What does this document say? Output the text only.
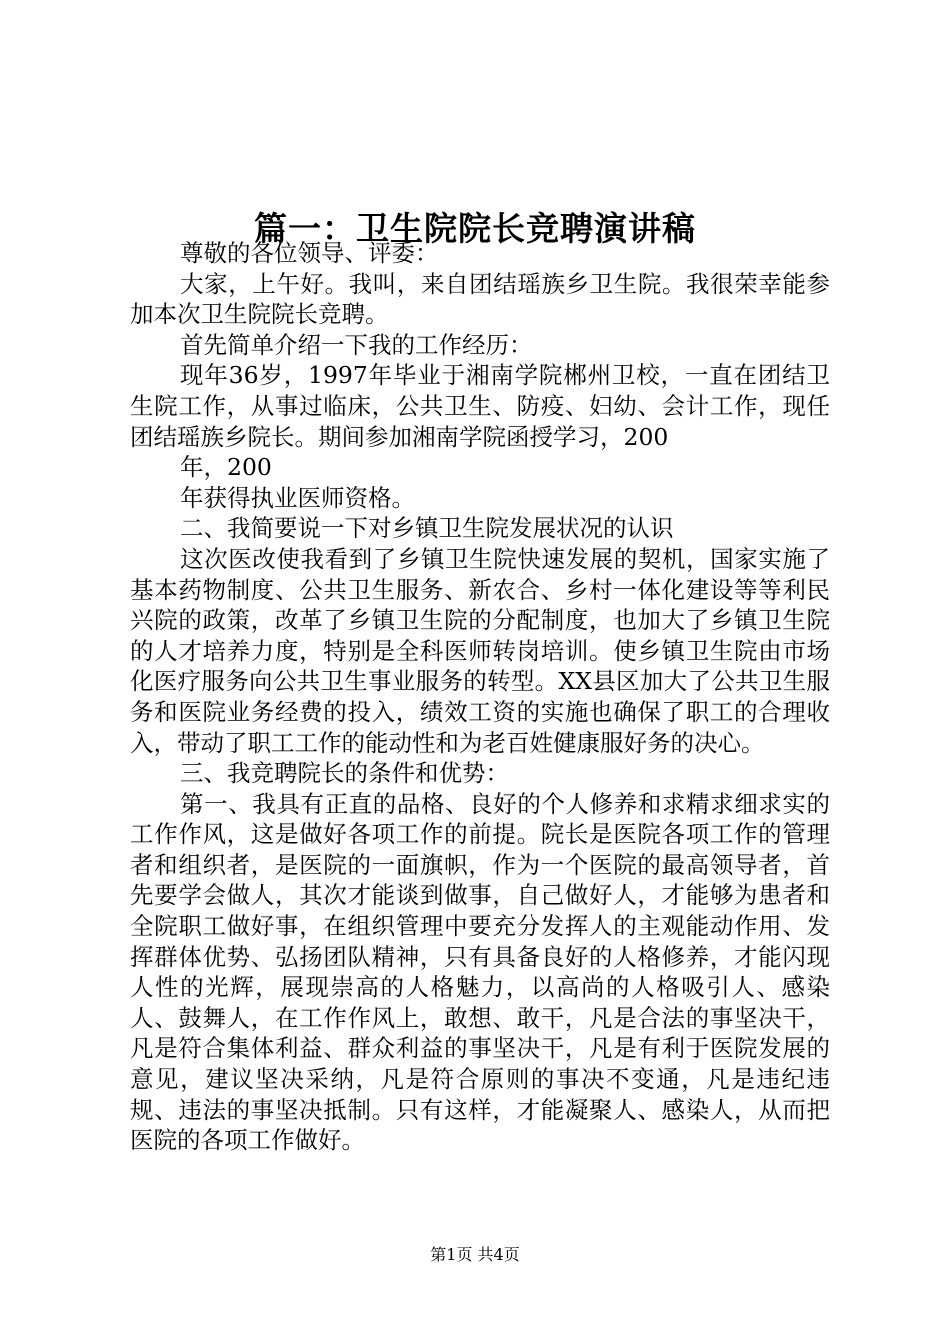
篇一：卫生院院长竞聘演讲稿

尊敬的各位领导、评委：

大家，上午好。我叫，来自团结瑶族乡卫生院。我很荣幸能参加本次卫生院院长竞聘。

首先简单介绍一下我的工作经历：

现年36岁，1997年毕业于湘南学院郴州卫校，一直在团结卫生院工作，从事过临床，公共卫生、防疫、妇幼、会计工作，现任团结瑶族乡院长。期间参加湘南学院函授学习，200

年，200

年获得执业医师资格。

二、我简要说一下对乡镇卫生院发展状况的认识

这次医改使我看到了乡镇卫生院快速发展的契机，国家实施了基本药物制度、公共卫生服务、新农合、乡村一体化建设等等利民兴院的政策，改革了乡镇卫生院的分配制度，也加大了乡镇卫生院的人才培养力度，特别是全科医师转岗培训。使乡镇卫生院由市场化医疗服务向公共卫生事业服务的转型。XX县区加大了公共卫生服务和医院业务经费的投入，绩效工资的实施也确保了职工的合理收入，带动了职工工作的能动性和为老百姓健康服好务的决心。

三、我竞聘院长的条件和优势：

第一、我具有正直的品格、良好的个人修养和求精求细求实的工作作风，这是做好各项工作的前提。院长是医院各项工作的管理者和组织者，是医院的一面旗帜，作为一个医院的最高领导者，首先要学会做人，其次才能谈到做事，自己做好人，才能够为患者和全院职工做好事，在组织管理中要充分发挥人的主观能动作用、发挥群体优势、弘扬团队精神，只有具备良好的人格修养，才能闪现人性的光辉，展现崇高的人格魅力，以高尚的人格吸引人、感染人、鼓舞人，在工作作风上，敢想、敢干，凡是合法的事坚决干，凡是符合集体利益、群众利益的事坚决干，凡是有利于医院发展的意见，建议坚决采纳，凡是符合原则的事决不变通，凡是违纪违规、违法的事坚决抵制。只有这样，才能凝聚人、感染人，从而把医院的各项工作做好。

第1页 共4页
